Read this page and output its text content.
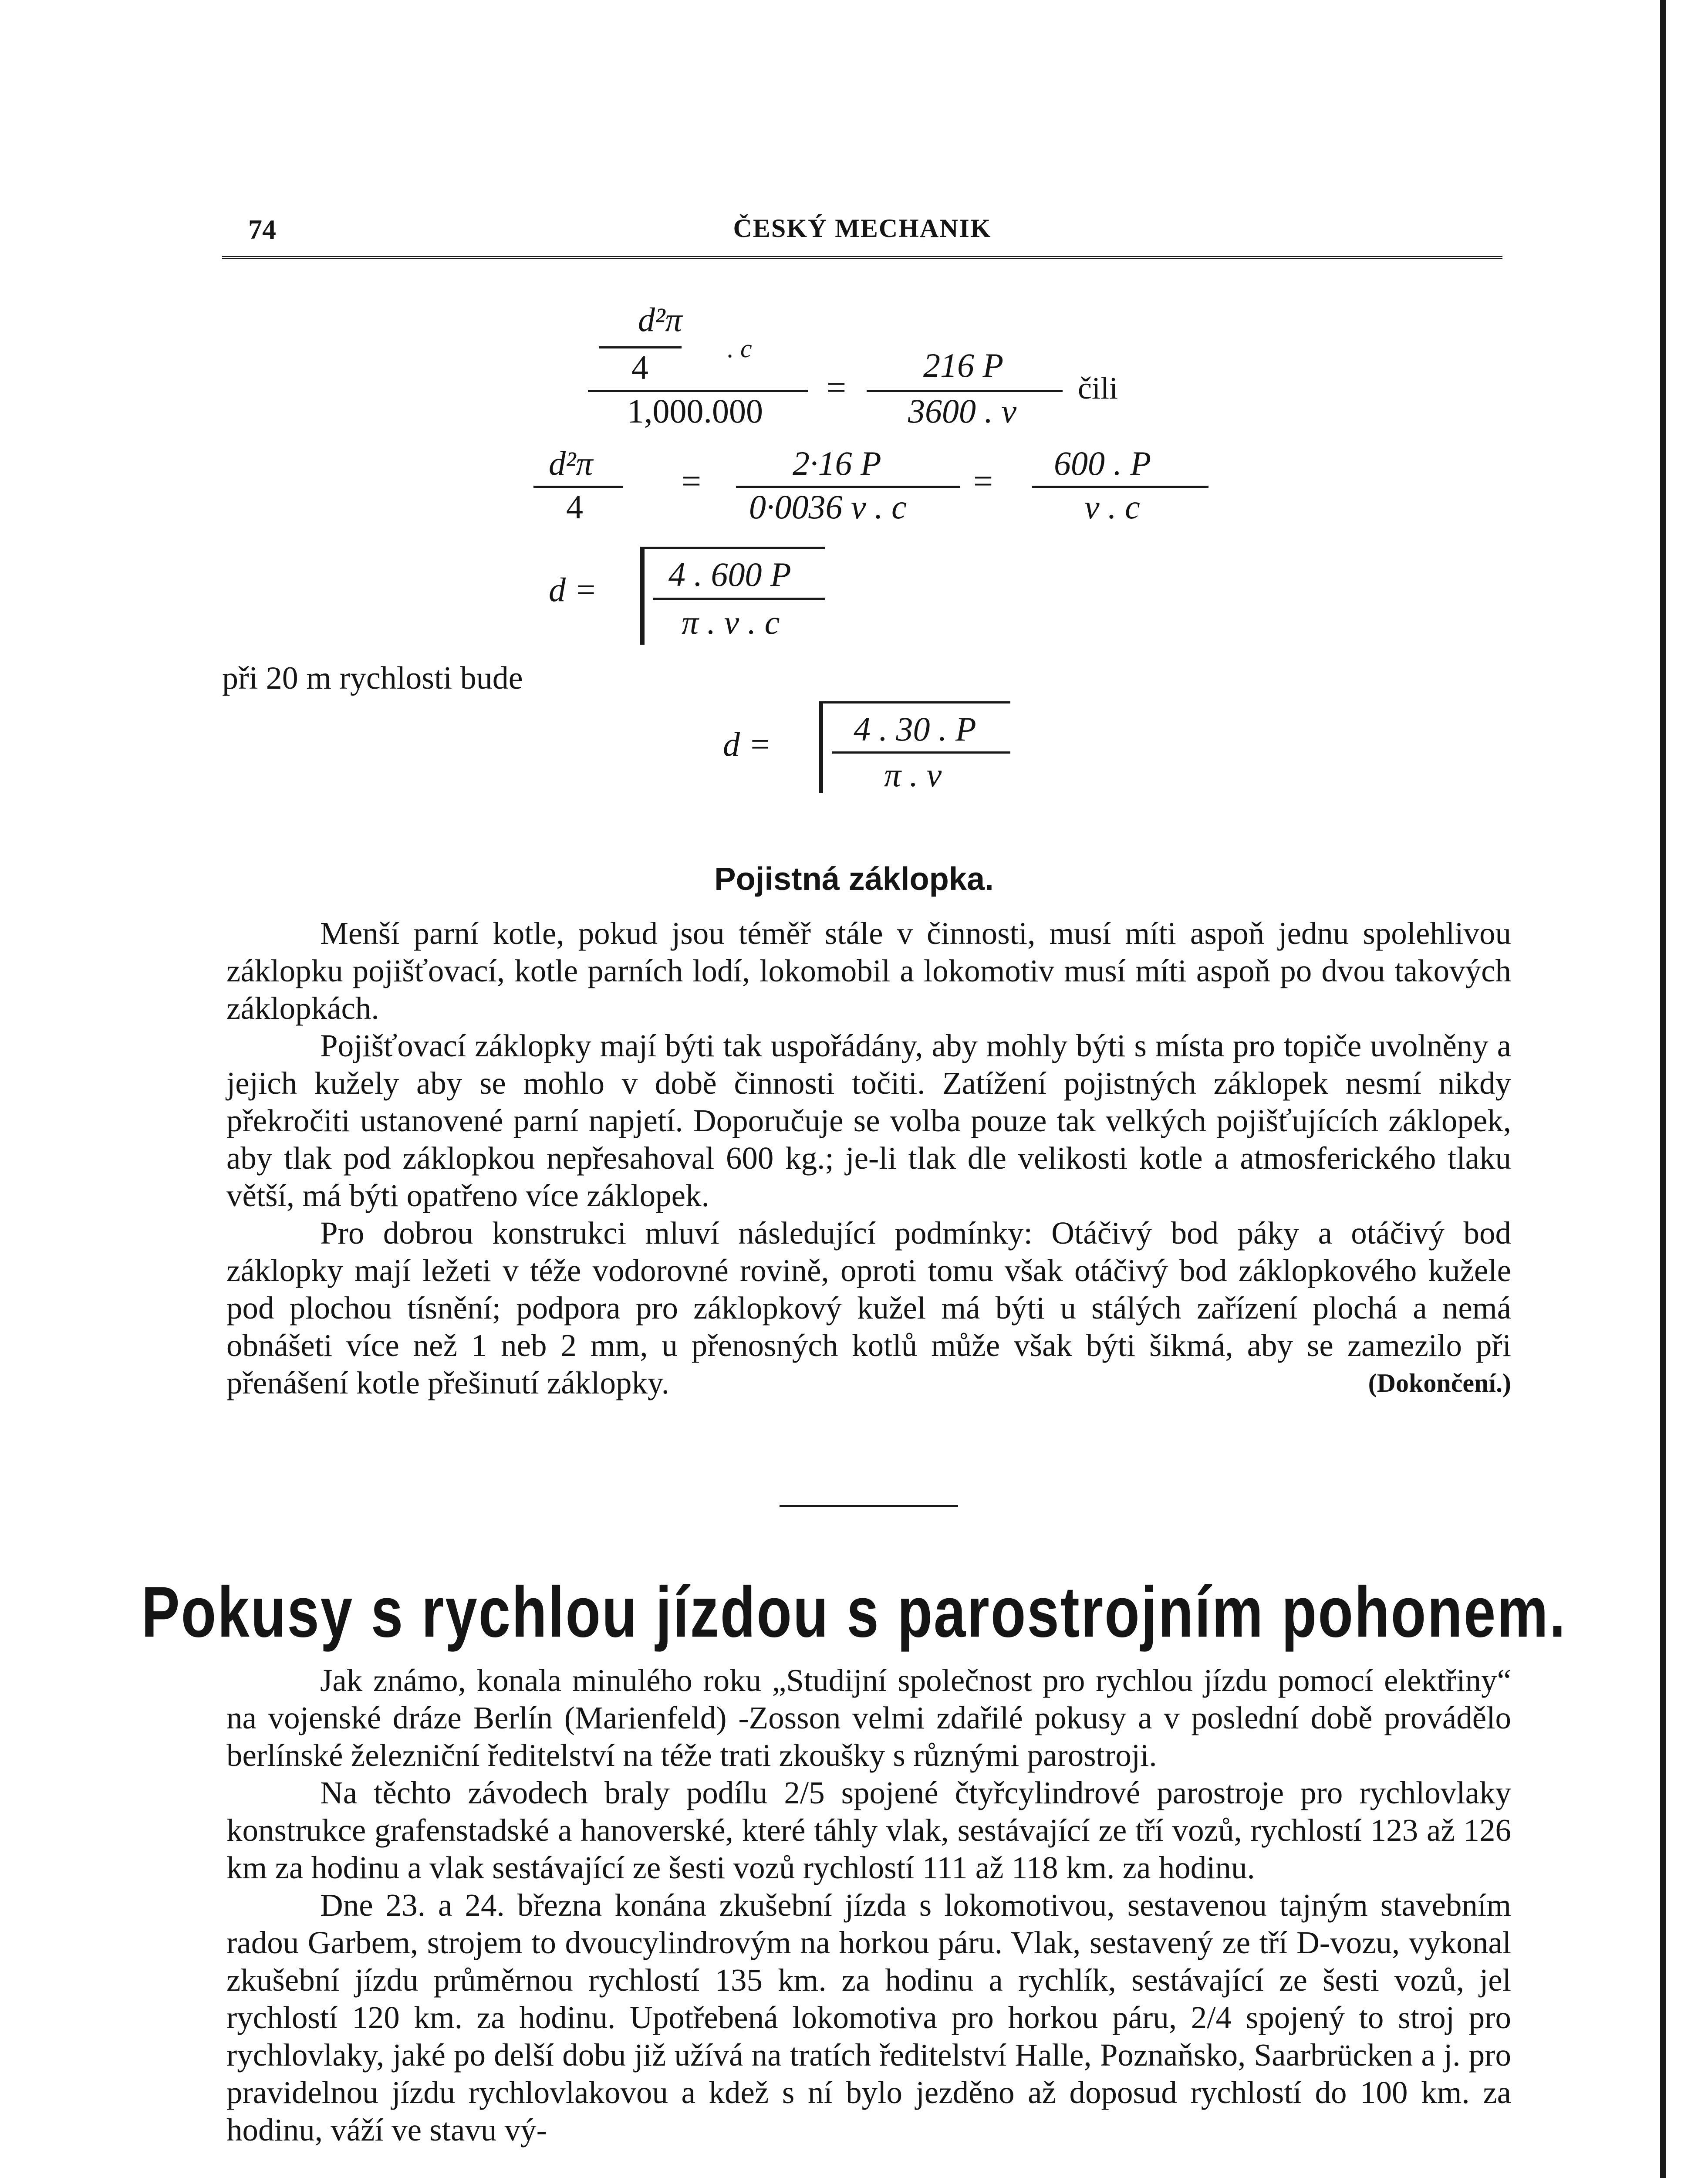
74	ČESKÝ MECHANIK
d²π
4	. c
1,000.000
=
216 P
3600 . v
čili
d²π
4
=	2·16 P
0·0036 v . c
= 600 . P
v . c
d = 4 . 600 P
π . v . c
při 20 m rychlosti bude
d = 4 . 30 . P
π . v
Pojistná záklopka.

Menší parní kotle, pokud jsou téměř stále v činnosti, musí míti aspoň jednu spolehlivou záklopku pojišťovací, kotle parních lodí, lokomobil a lokomotiv musí míti aspoň po dvou takových záklopkách.

Pojišťovací záklopky mají býti tak uspořádány, aby mohly býti s místa pro topiče uvolněny a jejich kužely aby se mohlo v době činnosti točiti. Zatížení pojistných záklopek nesmí nikdy překročiti ustanovené parní napjetí. Doporučuje se volba pouze tak velkých pojišťujících záklopek, aby tlak pod záklopkou nepřesahoval 600 kg.; je-li tlak dle velikosti kotle a atmosferického tlaku větší, má býti opatřeno více záklopek.

Pro dobrou konstrukci mluví následující podmínky: Otáčivý bod páky a otáčivý bod záklopky mají ležeti v téže vodorovné rovině, oproti tomu však otáčivý bod záklopkového kužele pod plochou tísnění; podpora pro záklopkový kužel má býti u stálých zařízení plochá a nemá obnášeti více než 1 neb 2 mm, u přenosných kotlů může však býti šikmá, aby se zamezilo při přenášení kotle přešinutí záklopky.	(Dokončení.)

Pokusy s rychlou jízdou s parostrojním pohonem.

Jak známo, konala minulého roku „Studijní společnost pro rychlou jízdu pomocí elektřiny“ na vojenské dráze Berlín (Marienfeld) -Zosson velmi zdařilé pokusy a v poslední době provádělo berlínské železniční ředitelství na téže trati zkoušky s různými parostroji.

Na těchto závodech braly podílu 2/5 spojené čtyřcylindrové parostroje pro rychlovlaky konstrukce grafenstadské a hanoverské, které táhly vlak, sestávající ze tří vozů, rychlostí 123 až 126 km za hodinu a vlak sestávající ze šesti vozů rychlostí 111 až 118 km. za hodinu.

Dne 23. a 24. března konána zkušební jízda s lokomotivou, sestavenou tajným stavebním radou Garbem, strojem to dvoucylindrovým na horkou páru. Vlak, sestavený ze tří D-vozu, vykonal zkušební jízdu průměrnou rychlostí 135 km. za hodinu a rychlík, sestávající ze šesti vozů, jel rychlostí 120 km. za hodinu. Upotřebená lokomotiva pro horkou páru, 2/4 spojený to stroj pro rychlovlaky, jaké po delší dobu již užívá na tratích ředitelství Halle, Poznaňsko, Saarbrücken a j. pro pravidelnou jízdu rychlovlakovou a kdež s ní bylo jezděno až doposud rychlostí do 100 km. za hodinu, váží ve stavu vý-
